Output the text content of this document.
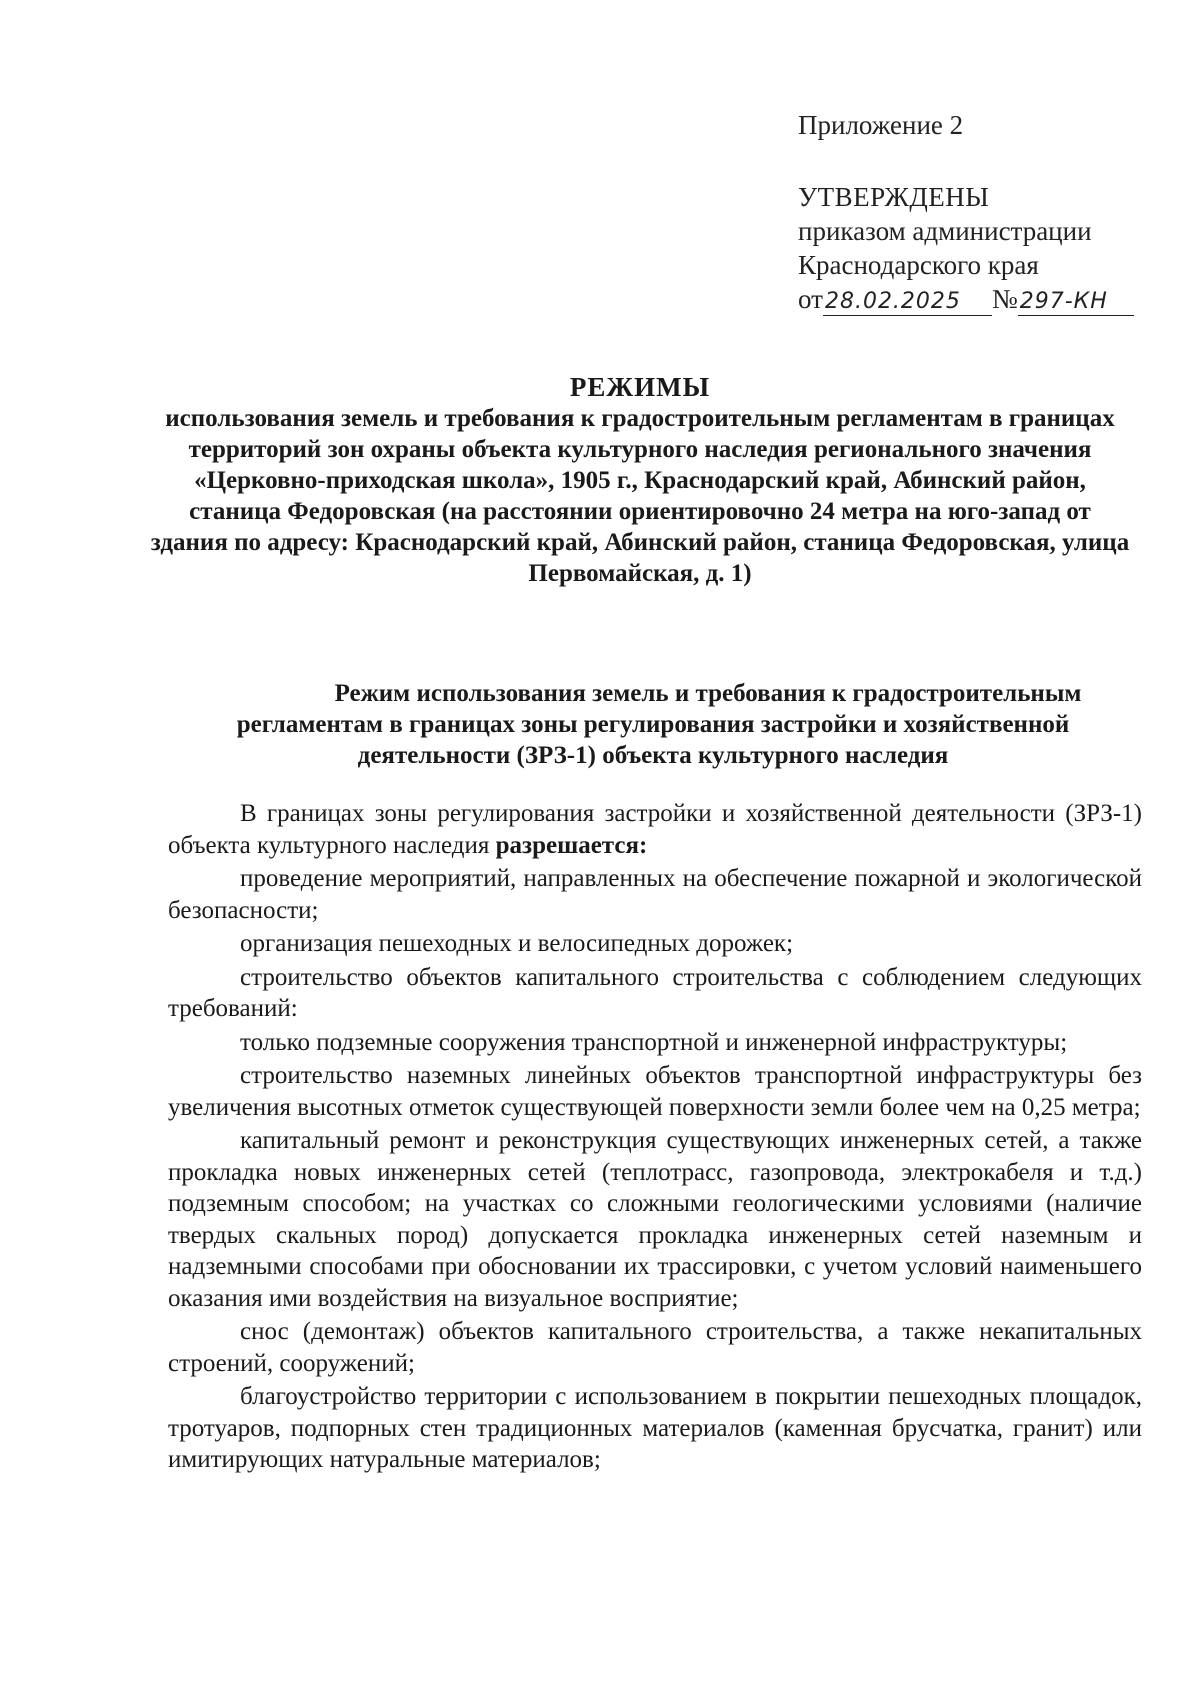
Приложение 2
УТВЕРЖДЕНЫ
приказом администрации
Краснодарского края
от28.02.2025 №297-КН
РЕЖИМЫ
использования земель и требования к градостроительным регламентам в границах территорий зон охраны объекта культурного наследия регионального значения «Церковно-приходская школа», 1905 г., Краснодарский край, Абинский район, станица Федоровская (на расстоянии ориентировочно 24 метра на юго-запад от здания по адресу: Краснодарский край, Абинский район, станица Федоровская, улица Первомайская, д. 1)
Режим использования земель и требования к градостроительным регламентам в границах зоны регулирования застройки и хозяйственной деятельности (ЗРЗ-1) объекта культурного наследия

В границах зоны регулирования застройки и хозяйственной деятельности (ЗРЗ-1) объекта культурного наследия разрешается:

проведение мероприятий, направленных на обеспечение пожарной и экологической безопасности;

организация пешеходных и велосипедных дорожек;

строительство объектов капитального строительства с соблюдением следующих требований:

только подземные сооружения транспортной и инженерной инфраструктуры;

строительство наземных линейных объектов транспортной инфраструктуры без увеличения высотных отметок существующей поверхности земли более чем на 0,25 метра;

капитальный ремонт и реконструкция существующих инженерных сетей, а также прокладка новых инженерных сетей (теплотрасс, газопровода, электрокабеля и т.д.) подземным способом; на участках со сложными геологическими условиями (наличие твердых скальных пород) допускается прокладка инженерных сетей наземным и надземными способами при обосновании их трассировки, с учетом условий наименьшего оказания ими воздействия на визуальное восприятие;

снос (демонтаж) объектов капитального строительства, а также некапитальных строений, сооружений;

благоустройство территории с использованием в покрытии пешеходных площадок, тротуаров, подпорных стен традиционных материалов (каменная брусчатка, гранит) или имитирующих натуральные материалов;
